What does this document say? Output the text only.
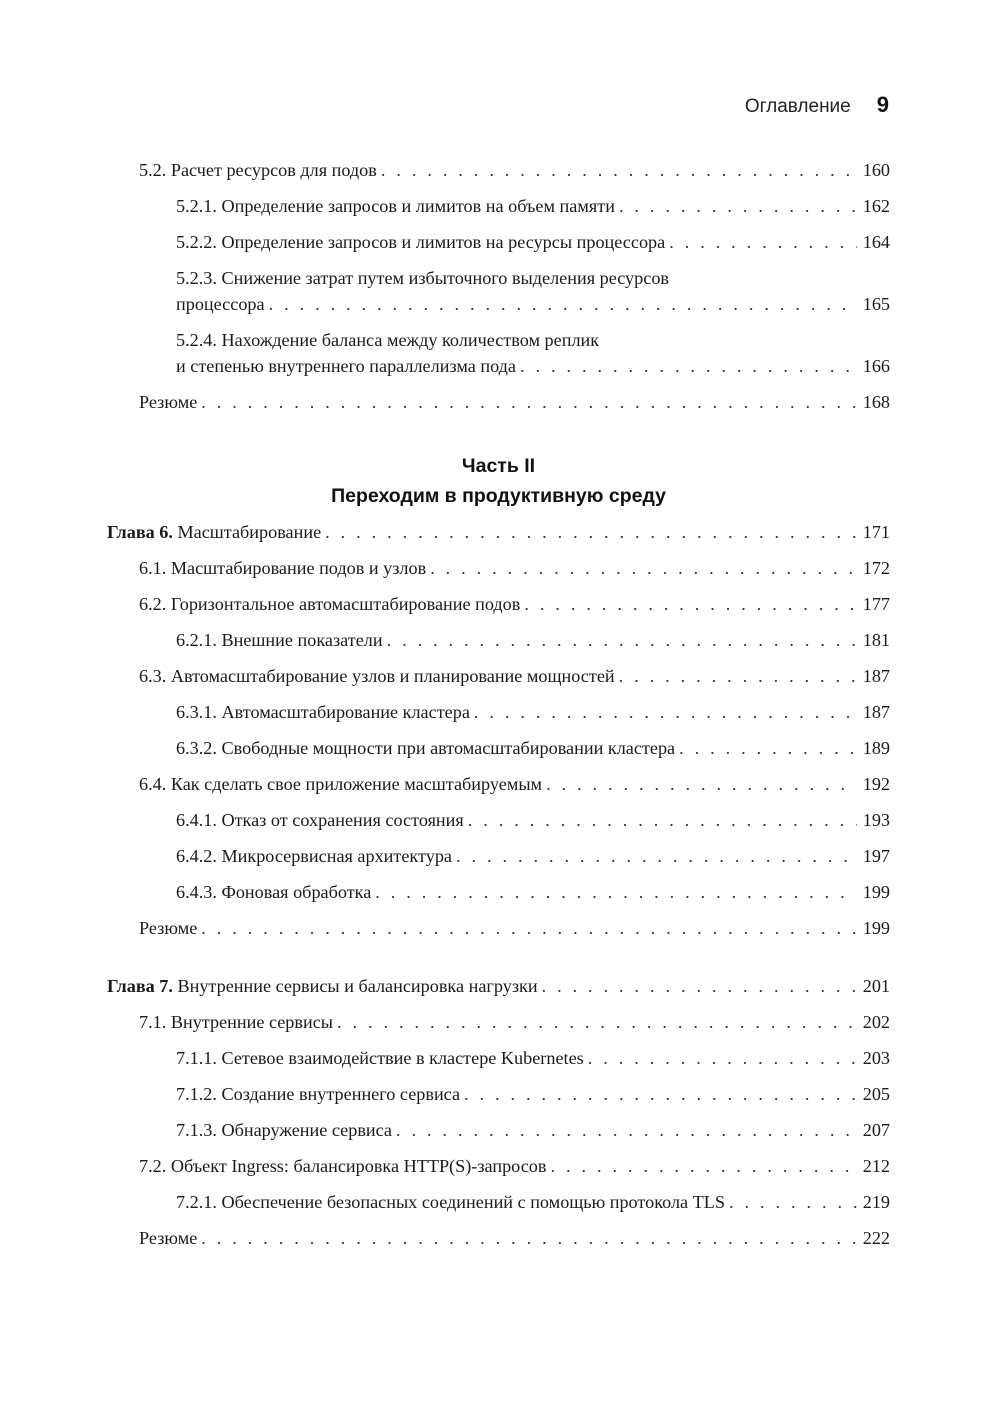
Оглавление 9
5.2. Расчет ресурсов для подов . . .	160
5.2.1. Определение запросов и лимитов на объем памяти . . .	162
5.2.2. Определение запросов и лимитов на ресурсы процессора . . .	164
5.2.3. Снижение затрат путем избыточного выделения ресурсов
процессора . . .	165
5.2.4. Нахождение баланса между количеством реплик
и степенью внутреннего параллелизма пода . . .	166
Резюме . . .	168
Часть II
Переходим в продуктивную среду
Глава 6. Масштабирование . . .	171
6.1. Масштабирование подов и узлов . . .	172
6.2. Горизонтальное автомасштабирование подов . . .	177
6.2.1. Внешние показатели . . .	181
6.3. Автомасштабирование узлов и планирование мощностей . . .	187
6.3.1. Автомасштабирование кластера . . .	187
6.3.2. Свободные мощности при автомасштабировании кластера . . .	189
6.4. Как сделать свое приложение масштабируемым . . .	192
6.4.1. Отказ от сохранения состояния . . .	193
6.4.2. Микросервисная архитектура . . .	197
6.4.3. Фоновая обработка . . .	199
Резюме . . .	199
Глава 7. Внутренние сервисы и балансировка нагрузки . . .	201
7.1. Внутренние сервисы . . .	202
7.1.1. Сетевое взаимодействие в кластере Kubernetes . . .	203
7.1.2. Создание внутреннего сервиса . . .	205
7.1.3. Обнаружение сервиса . . .	207
7.2. Объект Ingress: балансировка HTTP(S)-запросов . . .	212
7.2.1. Обеспечение безопасных соединений с помощью протокола TLS . . .	219
Резюме . . .	222
